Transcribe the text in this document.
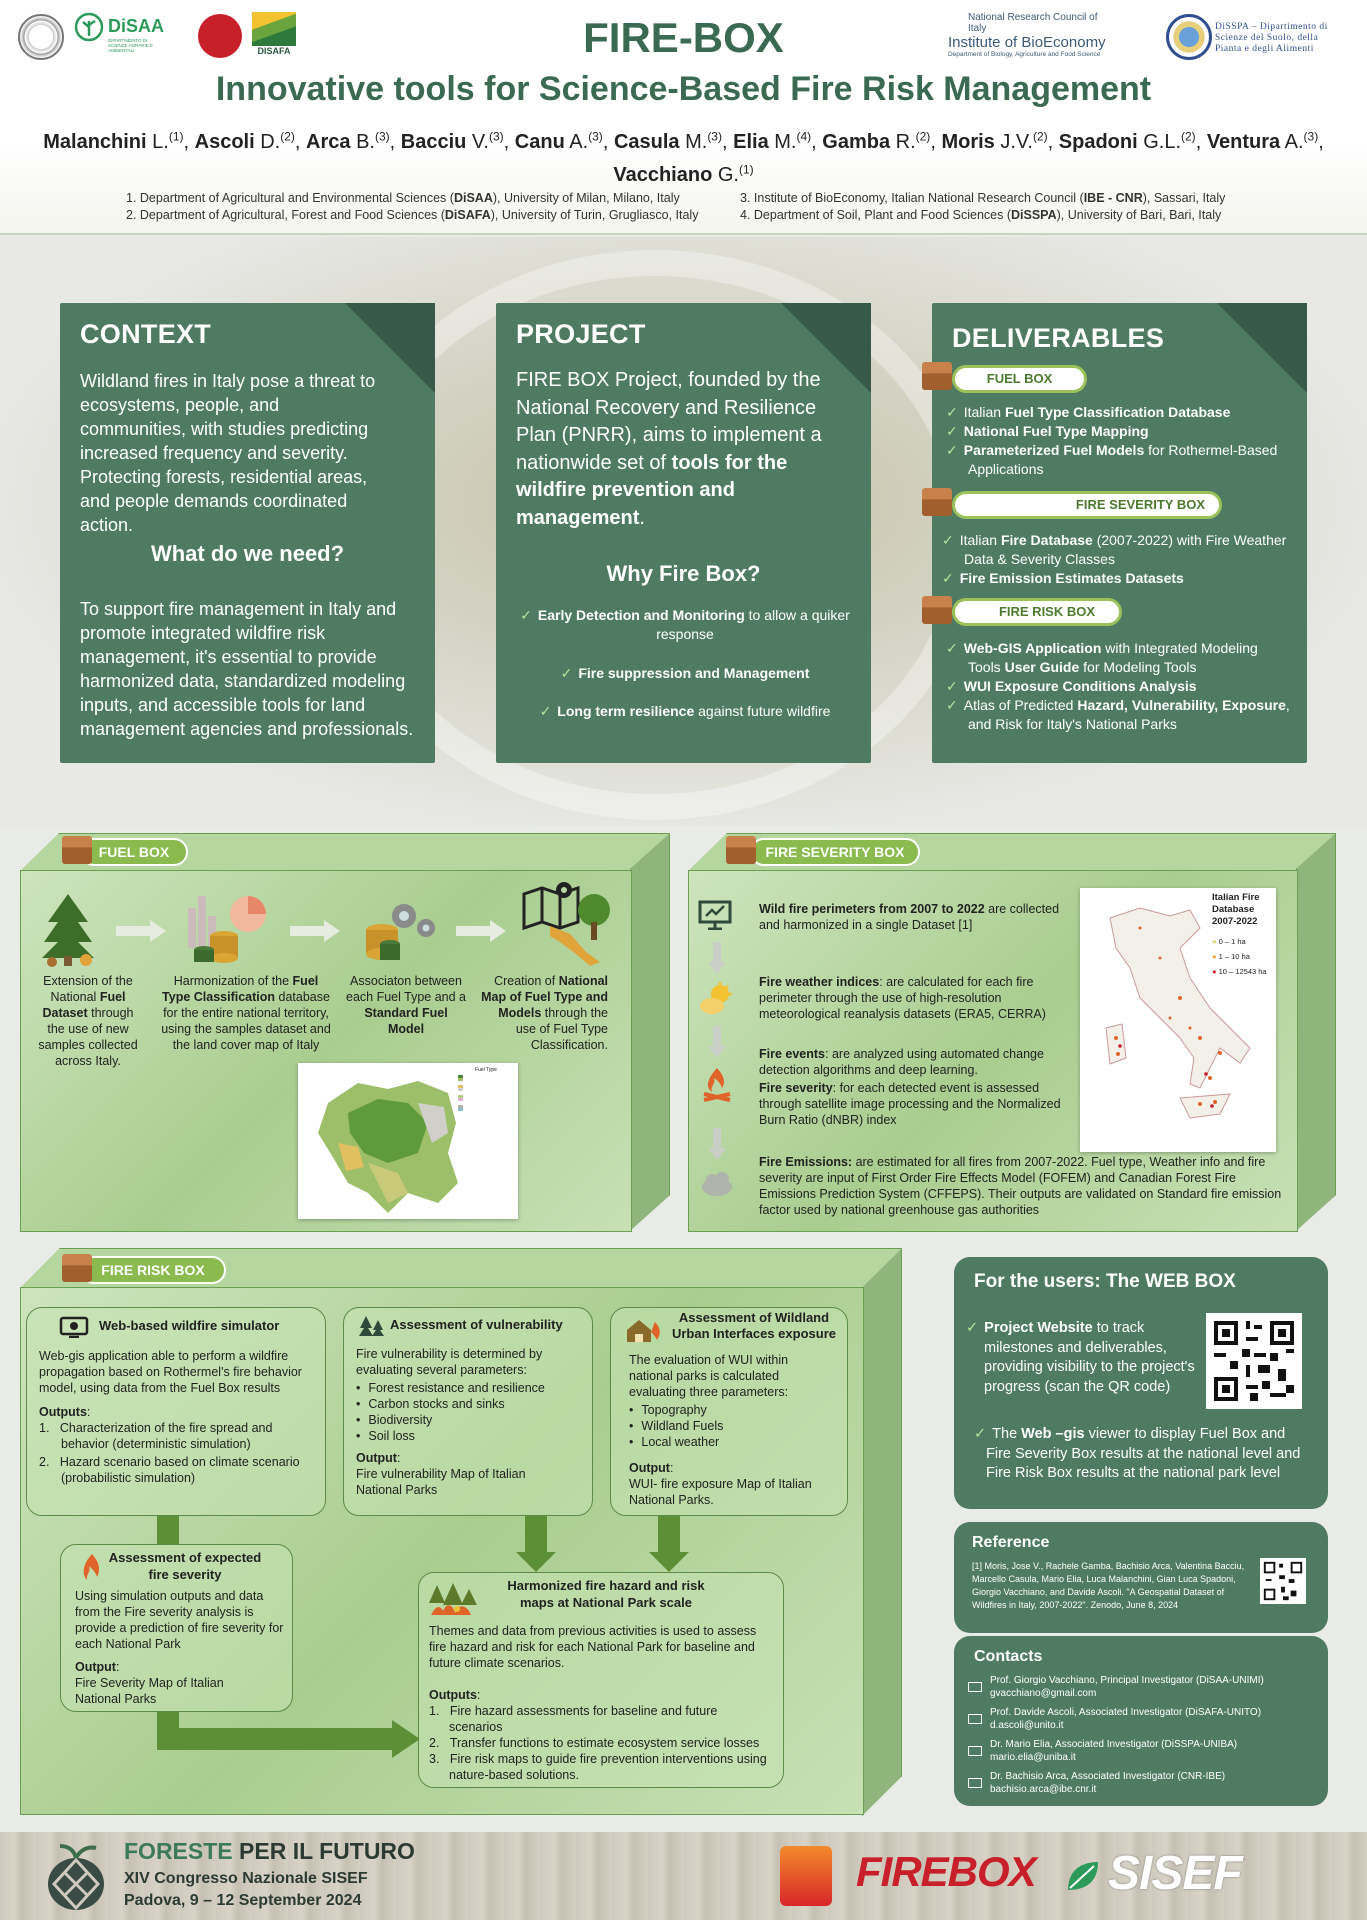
DiSAA
DIPARTIMENTO DI SCIENZE AGRARIE E AMBIENTALI	DISAFA	FIRE-BOX
Innovative tools for Science-Based Fire Risk Management
National Research Council of Italy
Institute of BioEconomy
Department of Biology, Agriculture and Food Science
DiSSPA – Dipartimento di Scienze del Suolo, della Pianta e degli Alimenti
Malanchini L.$^{(1)}$, Ascoli D.$^{(2)}$, Arca B.$^{(3)}$, Bacciu V.$^{(3)}$, Canu A.$^{(3)}$, Casula M.$^{(3)}$, Elia M.$^{(4)}$, Gamba R.$^{(2)}$, Moris J.V.$^{(2)}$, Spadoni G.L.$^{(2)}$, Ventura A.$^{(3)}$,
Vacchiano G.$^{(1)}$
1. Department of Agricultural and Environmental Sciences (DiSAA), University of Milan, Milano, Italy
2. Department of Agricultural, Forest and Food Sciences (DiSAFA), University of Turin, Grugliasco, Italy
3. Institute of BioEconomy, Italian National Research Council (IBE - CNR), Sassari, Italy
4. Department of Soil, Plant and Food Sciences (DiSSPA), University of Bari, Bari, Italy
CONTEXT

Wildland fires in Italy pose a threat to ecosystems, people, and communities, with studies predicting increased frequency and severity. Protecting forests, residential areas, and people demands coordinated action.

What do we need?

To support fire management in Italy and promote integrated wildfire risk management, it's essential to provide harmonized data, standardized modeling inputs, and accessible tools for land management agencies and professionals.

PROJECT

FIRE BOX Project, founded by the National Recovery and Resilience Plan (PNRR), aims to implement a nationwide set of tools for the wildfire prevention and management.

Why Fire Box?
✓ Early Detection and Monitoring to allow a quiker response
✓ Fire suppression and Management
✓ Long term resilience against future wildfire
DELIVERABLES
FUEL BOX
✓ Italian Fuel Type Classification Database
✓ National Fuel Type Mapping
✓ Parameterized Fuel Models for Rothermel-Based Applications
FIRE SEVERITY BOX
✓ Italian Fire Database (2007-2022) with Fire Weather Data & Severity Classes
✓ Fire Emission Estimates Datasets
FIRE RISK BOX
✓ Web-GIS Application with Integrated Modeling Tools User Guide for Modeling Tools
✓ WUI Exposure Conditions Analysis
✓ Atlas of Predicted Hazard, Vulnerability, Exposure, and Risk for Italy's National Parks
FUEL BOX
Extension of the National Fuel Dataset through the use of new samples collected across Italy.
Harmonization of the Fuel Type Classification database for the entire national territory, using the samples dataset and the land cover map of Italy
Associaton between each Fuel Type and a Standard Fuel Model
Creation of National Map of Fuel Type and Models through the use of Fuel Type Classification.
Fuel Type
FIRE SEVERITY BOX
Wild fire perimeters from 2007 to 2022 are collected and harmonized in a single Dataset [1]
Fire weather indices: are calculated for each fire perimeter through the use of high-resolution meteorological reanalysis datasets (ERA5, CERRA)
Fire events: are analyzed using automated change detection algorithms and deep learning.
Fire severity: for each detected event is assessed through satellite image processing and the Normalized Burn Ratio (dNBR) index
Fire Emissions: are estimated for all fires from 2007-2022. Fuel type, Weather info and fire severity are input of First Order Fire Effects Model (FOFEM) and Canadian Forest Fire Emissions Prediction System (CFFEPS). Their outputs are validated on Standard fire emission factor used by national greenhouse gas authorities
Italian Fire Database 2007-2022
● 0 – 1 ha
● 1 – 10 ha
● 10 – 12543 ha
FIRE RISK BOX
Web-based wildfire simulator
Web-gis application able to perform a wildfire propagation based on Rothermel's fire behavior model, using data from the Fuel Box results
Outputs:
1.   Characterization of the fire spread and behavior (deterministic simulation)
2.   Hazard scenario based on climate scenario (probabilistic simulation)
Assessment of vulnerability
Fire vulnerability is determined by evaluating several parameters:
• Forest resistance and resilience
• Carbon stocks and sinks
• Biodiversity
• Soil loss
Output:
Fire vulnerability Map of Italian National Parks
Assessment of Wildland Urban Interfaces exposure
The evaluation of WUI within national parks is calculated evaluating three parameters:
• Topography
• Wildland Fuels
• Local weather
Output:
WUI- fire exposure Map of Italian National Parks.
Assessment of expected fire severity
Using simulation outputs and data from the Fire severity analysis is provide a prediction of fire severity for each National Park
Output:
Fire Severity Map of Italian National Parks
Harmonized fire hazard and risk maps at National Park scale
Themes and data from previous activities is used to assess fire hazard and risk for each National Park for baseline and future climate scenarios.
Outputs:
1.   Fire hazard assessments for baseline and future scenarios
2.   Transfer functions to estimate ecosystem service losses
3.   Fire risk maps to guide fire prevention interventions using nature-based solutions.
For the users: The WEB BOX
✓ Project Website to track milestones and deliverables, providing visibility to the project's progress (scan the QR code)
✓ The Web –gis viewer to display Fuel Box and Fire Severity Box results at the national level and Fire Risk Box results at the national park level
Reference
[1] Moris, Jose V., Rachele Gamba, Bachisio Arca, Valentina Bacciu, Marcello Casula, Mario Elia, Luca Malanchini, Gian Luca Spadoni, Giorgio Vacchiano, and Davide Ascoli. "A Geospatial Dataset of Wildfires in Italy, 2007-2022". Zenodo, June 8, 2024
Contacts
Prof. Giorgio Vacchiano, Principal Investigator (DiSAA-UNIMI)
gvacchiano@gmail.com
Prof. Davide Ascoli, Associated Investigator (DiSAFA-UNITO)
d.ascoli@unito.it
Dr. Mario Elia, Associated Investigator (DiSSPA-UNIBA)
mario.elia@uniba.it
Dr. Bachisio Arca, Associated Investigator (CNR-IBE)
bachisio.arca@ibe.cnr.it
FORESTE PER IL FUTURO
XIV Congresso Nazionale SISEF
Padova, 9 – 12 September 2024
FIREBOX SISEF
